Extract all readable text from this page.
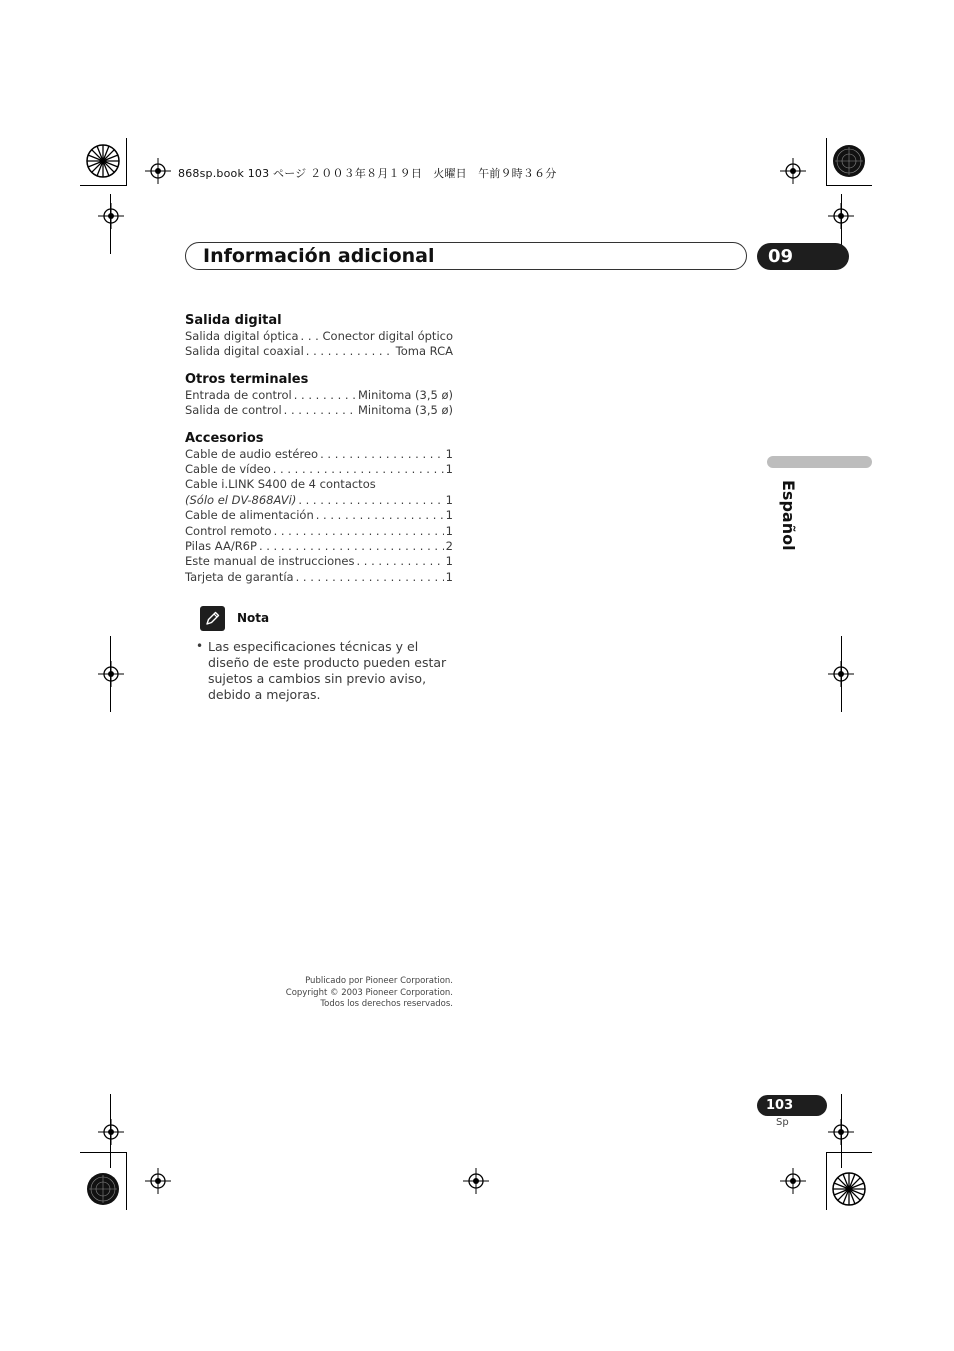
868sp.book 103 ページ ２００３年８月１９日　火曜日　午前９時３６分
Información adicional	09
Español
Salida digital
Salida digital óptica . . . Conector digital óptico
Salida digital coaxial . . .	Toma RCA
Otros terminales
Entrada de control . . .	Minitoma (3,5 ø)
Salida de control . . .	Minitoma (3,5 ø)
Accesorios
Cable de audio estéreo . . .	1
Cable de vídeo . . .	1
Cable i.LINK S400 de 4 contactos
(Sólo el DV-868AVi) . . .	1
Cable de alimentación . . .	1
Control remoto . . .	1
Pilas AA/R6P . . .	2
Este manual de instrucciones . . .	1
Tarjeta de garantía . . .	1
Nota
• Las especificaciones técnicas y el diseño de este producto pueden estar sujetos a cambios sin previo aviso, debido a mejoras.
Publicado por Pioneer Corporation.
Copyright © 2003 Pioneer Corporation.
Todos los derechos reservados.
103
Sp
